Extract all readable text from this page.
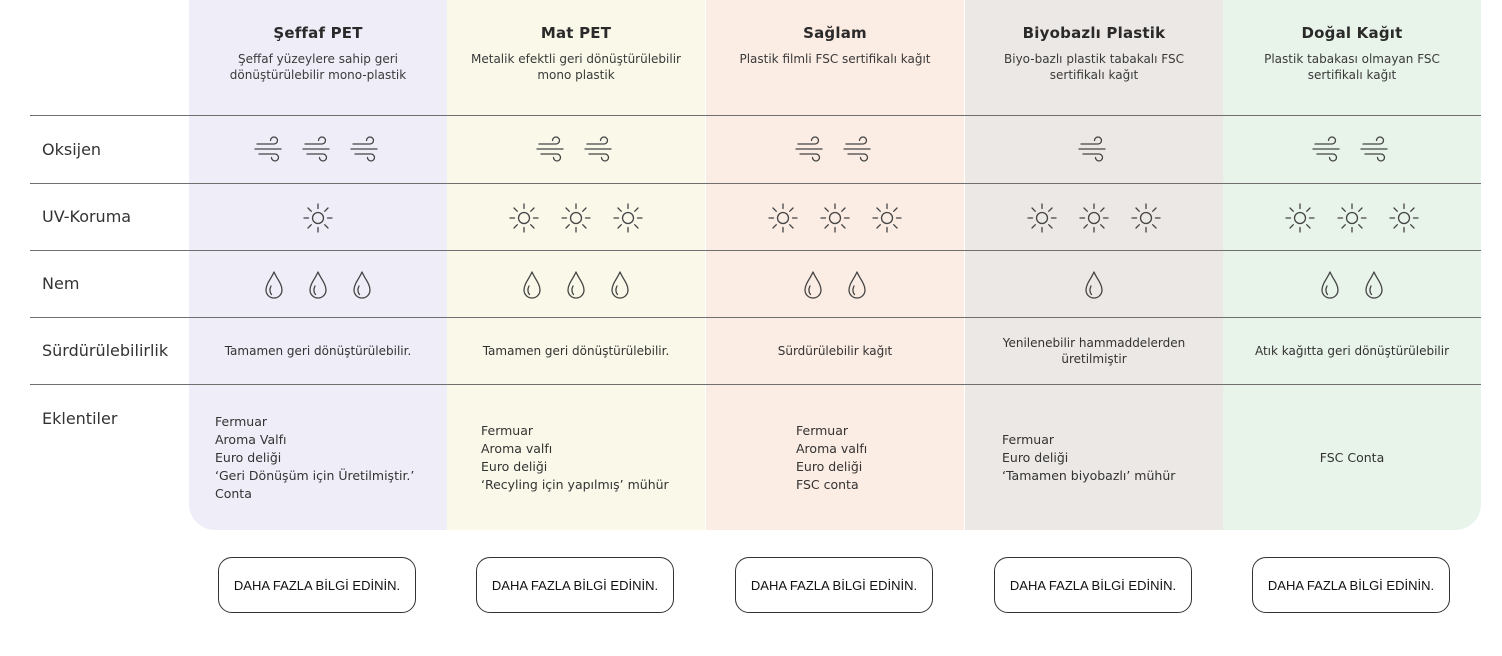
Oksijen
UV-Koruma
Nem
Sürdürülebilirlik
Eklentiler
Şeffaf PET
Şeffaf yüzeylere sahip geri dönüştürülebilir mono-plastik
Tamamen geri dönüştürülebilir.
Fermuar
Aroma Valfı
Euro deliği
‘Geri Dönüşüm için Üretilmiştir.’
Conta
DAHA FAZLA BİLGİ EDİNİN.
Mat PET
Metalik efektli geri dönüştürülebilir mono plastik
Tamamen geri dönüştürülebilir.
Fermuar
Aroma valfı
Euro deliği
‘Recyling için yapılmış’ mühür
DAHA FAZLA BİLGİ EDİNİN.
Sağlam
Plastik filmli FSC sertifikalı kağıt
Sürdürülebilir kağıt
Fermuar
Aroma valfı
Euro deliği
FSC conta
DAHA FAZLA BİLGİ EDİNİN.
Biyobazlı Plastik
Biyo-bazlı plastik tabakalı FSC sertifikalı kağıt
Yenilenebilir hammaddelerden üretilmiştir
Fermuar
Euro deliği
‘Tamamen biyobazlı’ mühür
DAHA FAZLA BİLGİ EDİNİN.
Doğal Kağıt
Plastik tabakası olmayan FSC sertifikalı kağıt
Atık kağıtta geri dönüştürülebilir
FSC Conta
DAHA FAZLA BİLGİ EDİNİN.
